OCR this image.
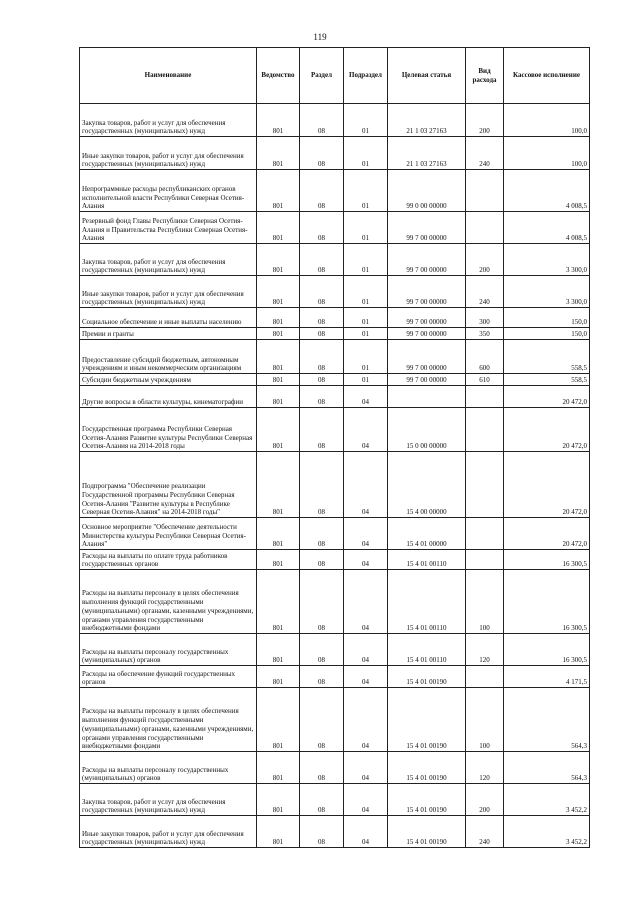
119
Наименование	Ведомство	Раздел	Подраздел	Целевая статья	Вид расхода	Кассовое исполнение
Закупка товаров, работ и услуг для обеспечения государственных (муниципальных) нужд	801	08	01	21 1 03 27163	200	100,0
Иные закупки товаров, работ и услуг для обеспечения государственных (муниципальных) нужд	801	08	01	21 1 03 27163	240	100,0
Непрограммные расходы республиканских органов исполнительной власти Республики Северная Осетия-Алания	801	08	01	99 0 00 00000		4 008,5
Резервный фонд Главы Республики Северная Осетия-Алания и Правительства Республики Северная Осетия-Алания	801	08	01	99 7 00 00000		4 008,5
Закупка товаров, работ и услуг для обеспечения государственных (муниципальных) нужд	801	08	01	99 7 00 00000	200	3 300,0
Иные закупки товаров, работ и услуг для обеспечения государственных (муниципальных) нужд	801	08	01	99 7 00 00000	240	3 300,0
Социальное обеспечение и иные выплаты населению	801	08	01	99 7 00 00000	300	150,0
Премии и гранты	801	08	01	99 7 00 00000	350	150,0
Предоставление субсидий бюджетным, автономным учреждениям и иным некоммерческим организациям	801	08	01	99 7 00 00000	600	558,5
Субсидии бюджетным учреждениям	801	08	01	99 7 00 00000	610	558,5
Другие вопросы в области культуры, кинематографии	801	08	04			20 472,0
Государственная программа Республики Северная Осетия-Алания Развитие культуры Республики Северная Осетия-Алания на 2014-2018 годы	801	08	04	15 0 00 00000		20 472,0
Подпрограмма "Обеспечение реализации Государственной программы Республики Северная Осетия-Алания "Развитие культуры в Республике Северная Осетия-Алания" на 2014-2018 годы"	801	08	04	15 4 00 00000		20 472,0
Основное мероприятие "Обеспечение деятельности Министерства культуры Республики Северная Осетия-Алания"	801	08	04	15 4 01 00000		20 472,0
Расходы на выплаты по оплате труда работников государственных органов	801	08	04	15 4 01 00110		16 300,5
Расходы на выплаты персоналу в целях обеспечения выполнения функций государственными (муниципальными) органами, казенными учреждениями, органами управления государственными внебюджетными фондами	801	08	04	15 4 01 00110	100	16 300,5
Расходы на выплаты персоналу государственных (муниципальных) органов	801	08	04	15 4 01 00110	120	16 300,5
Расходы на обеспечение функций государственных органов	801	08	04	15 4 01 00190		4 171,5
Расходы на выплаты персоналу в целях обеспечения выполнения функций государственными (муниципальными) органами, казенными учреждениями, органами управления государственными внебюджетными фондами	801	08	04	15 4 01 00190	100	564,3
Расходы на выплаты персоналу государственных (муниципальных) органов	801	08	04	15 4 01 00190	120	564,3
Закупка товаров, работ и услуг для обеспечения государственных (муниципальных) нужд	801	08	04	15 4 01 00190	200	3 452,2
Иные закупки товаров, работ и услуг для обеспечения государственных (муниципальных) нужд	801	08	04	15 4 01 00190	240	3 452,2
